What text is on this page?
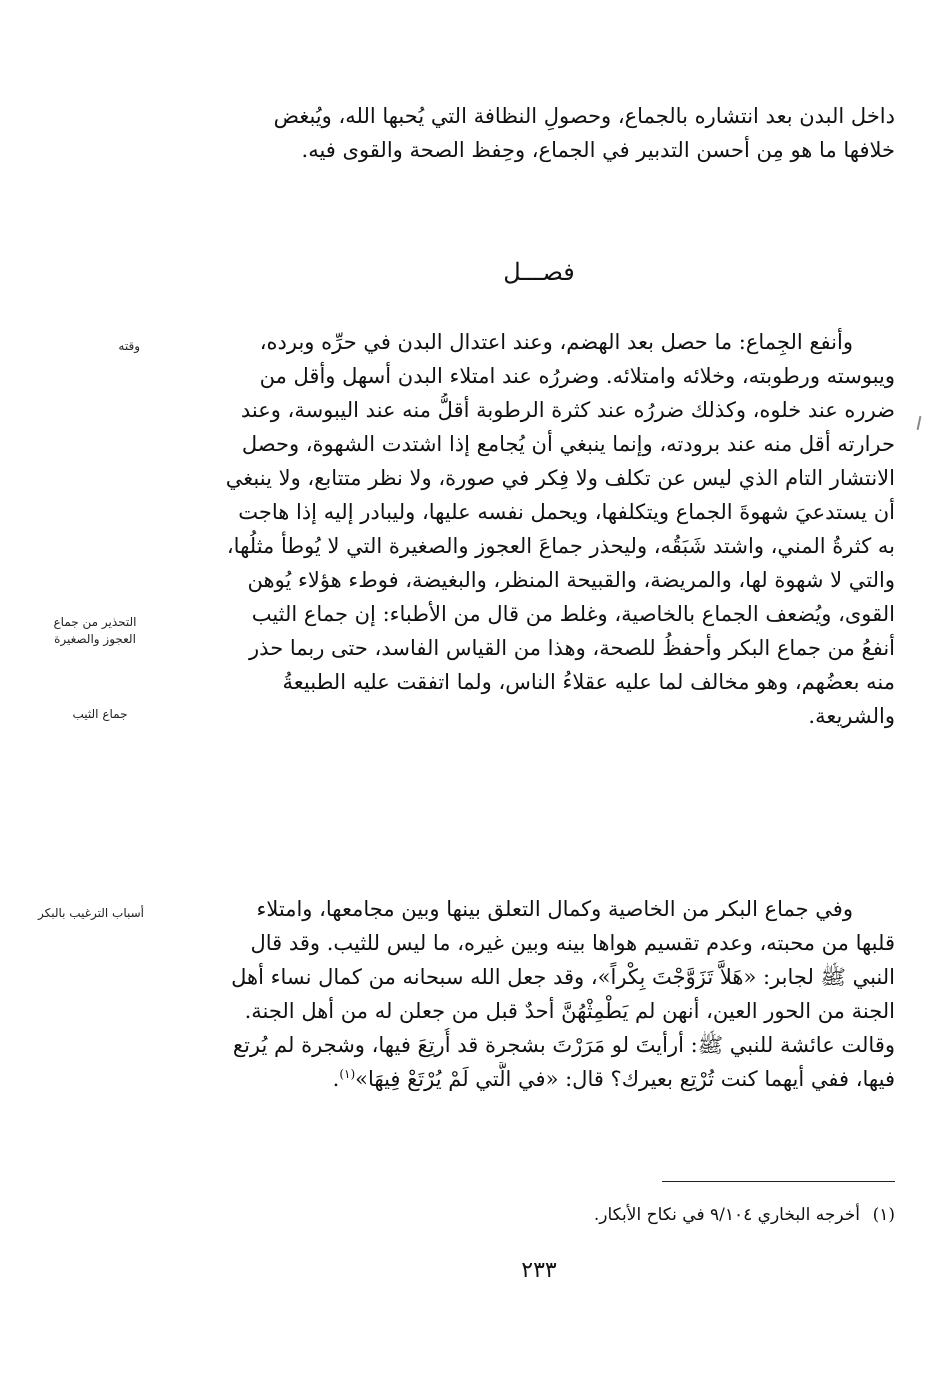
داخل البدن بعد انتشاره بالجماع، وحصولِ النظافة التي يُحبها الله، ويُبغض
خلافها ما هو مِن أحسن التدبير في الجماع، وحِفظ الصحة والقوى فيه.
فصـــل
وأنفع الجِماع: ما حصل بعد الهضم، وعند اعتدال البدن في حرِّه وبرده،
ويبوسته ورطوبته، وخلائه وامتلائه. وضررُه عند امتلاء البدن أسهل وأقل من
ضرره عند خلوه، وكذلك ضررُه عند كثرة الرطوبة أقلُّ منه عند اليبوسة، وعند
حرارته أقل منه عند برودته، وإنما ينبغي أن يُجامع إذا اشتدت الشهوة، وحصل
الانتشار التام الذي ليس عن تكلف ولا فِكر في صورة، ولا نظر متتابع، ولا ينبغي
أن يستدعيَ شهوةَ الجماع ويتكلفها، ويحمل نفسه عليها، وليبادر إليه إذا هاجت
به كثرةُ المني، واشتد شَبَقُه، وليحذر جماعَ العجوز والصغيرة التي لا يُوطأ مثلُها،
والتي لا شهوة لها، والمريضة، والقبيحة المنظر، والبغيضة، فوطء هؤلاء يُوهن
القوى، ويُضعف الجماع بالخاصية، وغلط من قال من الأطباء: إن جماع الثيب
أنفعُ من جماع البكر وأحفظُ للصحة، وهذا من القياس الفاسد، حتى ربما حذر
منه بعضُهم، وهو مخالف لما عليه عقلاءُ الناس، ولما اتفقت عليه الطبيعةُ
والشريعة.
وفي جماع البكر من الخاصية وكمال التعلق بينها وبين مجامعها، وامتلاء
قلبها من محبته، وعدم تقسيم هواها بينه وبين غيره، ما ليس للثيب. وقد قال
النبي ﷺ لجابر: «هَلاَّ تَزَوَّجْتَ بِكْراً»، وقد جعل الله سبحانه من كمال نساء أهل
الجنة من الحور العين، أنهن لم يَطْمِثْهُنَّ أحدٌ قبل من جعلن له من أهل الجنة.
وقالت عائشة للنبي ﷺ: أرأيتَ لو مَرَرْتَ بشجرة قد أُرتِعَ فيها، وشجرة لم يُرتع
فيها، ففي أيهما كنت تُرْتِع بعيرك؟ قال: «في الَّتي لَمْ يُرْتَعْ فِيهَا»$^{(١)}$.
وقته
التحذير من جماع
العجوز والصغيرة
جماع الثيب
أسباب الترغيب بالبكر
(١)
أخرجه البخاري ٩/١٠٤ في نكاح الأبكار.
٢٣٣
